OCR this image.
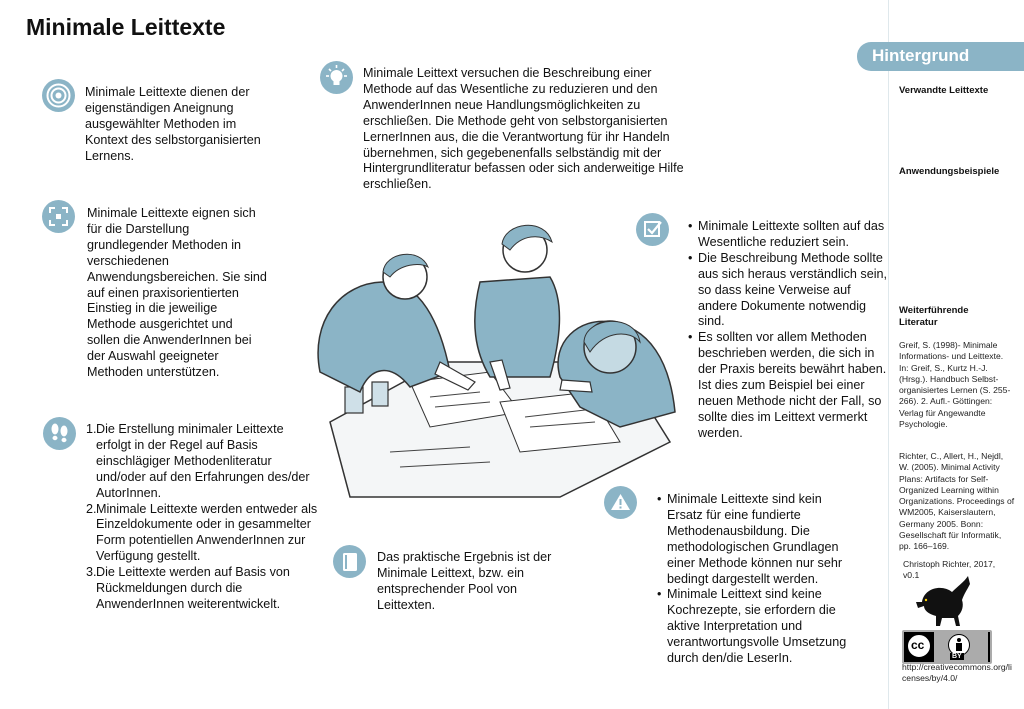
Minimale Leittexte
Minimale Leittexte dienen der eigenständigen Aneignung ausgewählter Methoden im Kontext des selbstorganisierten Lernens.
Minimale Leittext versuchen die Beschreibung einer Methode auf das Wesentliche zu reduzieren und den AnwenderInnen neue Handlungsmöglichkeiten zu erschließen. Die Methode geht von selbstorganisierten LernerInnen aus, die die Verantwortung für ihr Handeln übernehmen, sich gegebenenfalls selbständig mit der Hintergrundliteratur befassen oder sich anderweitige Hilfe erschließen.
Minimale Leittexte eignen sich für die Darstellung grundlegender Methoden in verschiedenen Anwendungsbereichen. Sie sind auf einen praxisorientierten Einstieg in die jeweilige Methode ausgerichtet und sollen die AnwenderInnen bei der Auswahl geeigneter Methoden unterstützen.
1. Die Erstellung minimaler Leittexte erfolgt in der Regel auf Basis einschlägiger Methodenliteratur und/oder auf den Erfahrungen des/der AutorInnen.
2. Minimale Leittexte werden entweder als Einzeldokumente oder in gesammelter Form potentiellen AnwenderInnen zur Verfügung gestellt.
3. Die Leittexte werden auf Basis von Rückmeldungen durch die AnwenderInnen weiterentwickelt.
Das praktische Ergebnis ist der Minimale Leittext, bzw. ein entsprechender Pool von Leittexten.
• Minimale Leittexte sollten auf das Wesentliche reduziert sein.
• Die Beschreibung Methode sollte aus sich heraus verständlich sein, so dass keine Verweise auf andere Dokumente notwendig sind.
• Es sollten vor allem Methoden beschrieben werden, die sich in der Praxis bereits bewährt haben. Ist dies zum Beispiel bei einer neuen Methode nicht der Fall, so sollte dies im Leittext vermerkt werden.
• Minimale Leittexte sind kein Ersatz für eine fundierte Methodenausbildung. Die methodologischen Grundlagen einer Methode können nur sehr bedingt dargestellt werden.
• Minimale Leittext sind keine Kochrezepte, sie erfordern die aktive Interpretation und verantwortungsvolle Umsetzung durch den/die LeserIn.
Hintergrund
Verwandte Leittexte
Anwendungsbeispiele
Weiterführende Literatur
Greif, S. (1998)- Minimale Informations- und Leittexte. In: Greif, S., Kurtz H.-J. (Hrsg.). Handbuch Selbst-organisiertes Lernen (S. 255-266). 2. Aufl.- Göttingen: Verlag für Angewandte Psychologie.
Richter, C., Allert, H., Nejdl, W. (2005). Minimal Activity Plans: Artifacts for Self-Organized Learning within Organizations. Proceedings of WM2005, Kaiserslautern, Germany 2005. Bonn: Gesellschaft für Informatik, pp. 166–169.
Christoph Richter, 2017, v0.1
cc
BY
http://creativecommons.org/licenses/by/4.0/
